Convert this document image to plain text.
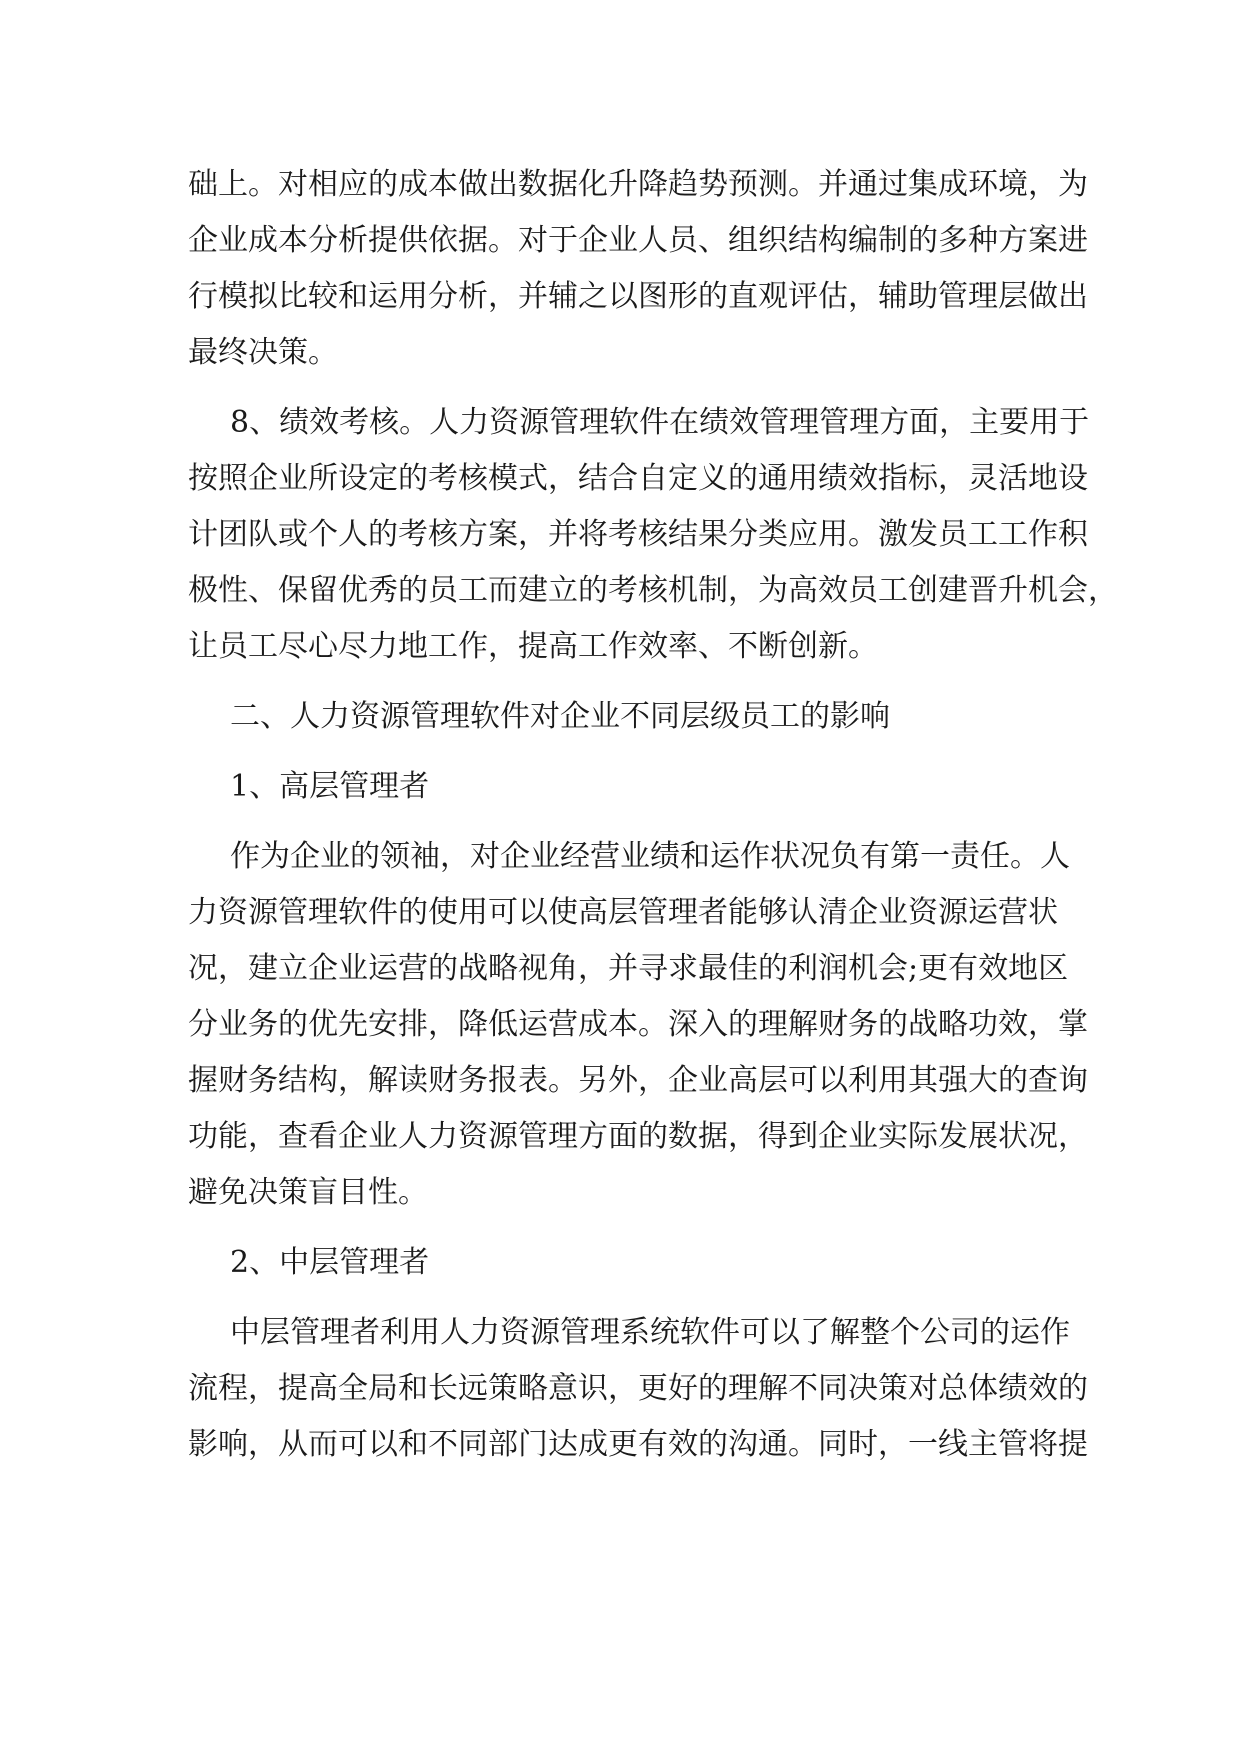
础上。对相应的成本做出数据化升降趋势预测。并通过集成环境，为
企业成本分析提供依据。对于企业人员、组织结构编制的多种方案进
行模拟比较和运用分析，并辅之以图形的直观评估，辅助管理层做出
最终决策。
8、绩效考核。人力资源管理软件在绩效管理管理方面，主要用于
按照企业所设定的考核模式，结合自定义的通用绩效指标，灵活地设
计团队或个人的考核方案，并将考核结果分类应用。激发员工工作积
极性、保留优秀的员工而建立的考核机制，为高效员工创建晋升机会，
让员工尽心尽力地工作，提高工作效率、不断创新。
二、人力资源管理软件对企业不同层级员工的影响
1、高层管理者
作为企业的领袖，对企业经营业绩和运作状况负有第一责任。人
力资源管理软件的使用可以使高层管理者能够认清企业资源运营状
况，建立企业运营的战略视角，并寻求最佳的利润机会;更有效地区
分业务的优先安排，降低运营成本。深入的理解财务的战略功效，掌
握财务结构，解读财务报表。另外，企业高层可以利用其强大的查询
功能，查看企业人力资源管理方面的数据，得到企业实际发展状况，
避免决策盲目性。
2、中层管理者
中层管理者利用人力资源管理系统软件可以了解整个公司的运作
流程，提高全局和长远策略意识，更好的理解不同决策对总体绩效的
影响，从而可以和不同部门达成更有效的沟通。同时，一线主管将提
